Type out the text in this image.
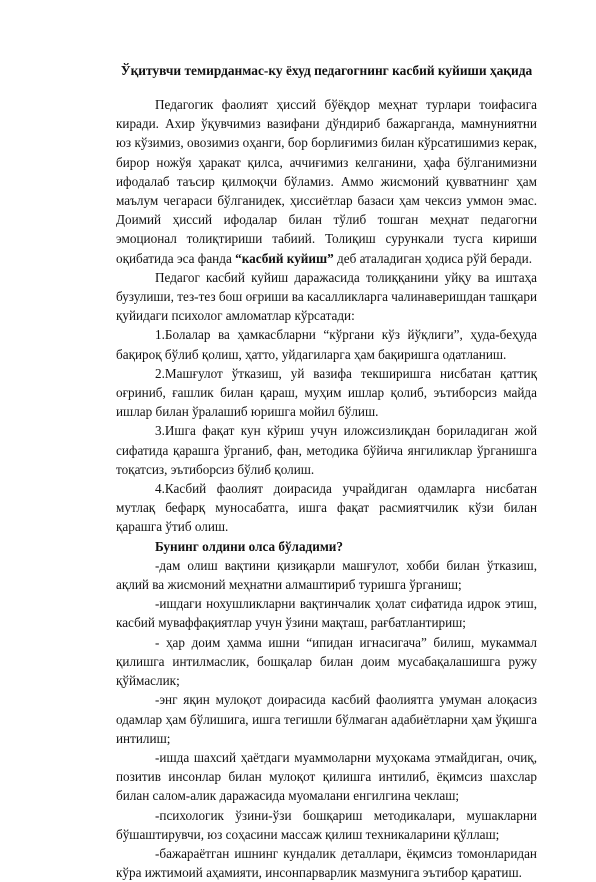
Ўқитувчи темирданмас-ку ёхуд педагогнинг касбий куйиши ҳақида

Педагогик фаолият ҳиссий бўёқдор меҳнат турлари тоифасига киради. Ахир ўқувчимиз вазифани дўндириб бажарганда, мамнуниятни юз кўзимиз, овозимиз оҳанги, бор борлиғимиз билан кўрсатишимиз керак, бирор ножўя ҳаракат қилса, аччиғимиз келганини, ҳафа бўлганимизни ифодалаб таъсир қилмоқчи бўламиз. Аммо жисмоний қувватнинг ҳам маълум чегараси бўлганидек, ҳиссиётлар базаси ҳам чексиз уммон эмас. Доимий ҳиссий ифодалар билан тўлиб тошган меҳнат педагогни эмоционал толиқтириши табиий. Толиқиш сурункали тусга кириши оқибатида эса фанда “касбий куйиш” деб аталадиган ҳодиса рўй беради.

Педагог касбий куйиш даражасида толиққанини уйқу ва иштаҳа бузулиши, тез-тез бош оғриши ва касалликларга чалинаверишдан ташқари қуйидаги психолог амломатлар кўрсатади:

1.Болалар ва ҳамкасбларни “кўргани кўз йўқлиги”, ҳуда-беҳуда бақироқ бўлиб қолиш, ҳатто, уйдагиларга ҳам бақиришга одатланиш.

2.Машғулот ўтказиш, уй вазифа текширишга нисбатан қаттиқ оғриниб, ғашлик билан қараш, муҳим ишлар қолиб, эътиборсиз майда ишлар билан ўралашиб юришга мойил бўлиш.

3.Ишга фақат кун кўриш учун иложсизлиқдан бориладиган жой сифатида қарашга ўрганиб, фан, методика бўйича янгиликлар ўрганишга тоқатсиз, эътиборсиз бўлиб қолиш.

4.Касбий фаолият доирасида учрайдиган одамларга нисбатан мутлақ бефарқ муносабатга, ишга фақат расмиятчилик кўзи билан қарашга ўтиб олиш.

Бунинг олдини олса бўладими?

-дам олиш вақтини қизиқарли машғулот, хобби билан ўтказиш, ақлий ва жисмоний меҳнатни алмаштириб туришга ўрганиш;

-ишдаги нохушликларни вақтинчалик ҳолат сифатида идрок этиш, касбий муваффақиятлар учун ўзини мақташ, рағбатлантириш;

- ҳар доим ҳамма ишни “ипидан игнасигача” билиш, мукаммал қилишга интилмаслик, бошқалар билан доим мусабақалашишга ружу қўймаслик;

-энг яқин мулоқот доирасида касбий фаолиятга умуман алоқасиз одамлар ҳам бўлишига, ишга тегишли бўлмаган адабиётларни ҳам ўқишга интилиш;

-ишда шахсий ҳаётдаги муаммоларни муҳокама этмайдиган, очиқ, позитив инсонлар билан мулоқот қилишга интилиб, ёқимсиз шахслар билан салом-алик даражасида муомалани енгилгина чеклаш;

-психологик ўзини-ўзи бошқариш методикалари, мушакларни бўшаштирувчи, юз соҳасини массаж қилиш техникаларини қўллаш;

-бажараётган ишнинг кундалик деталлари, ёқимсиз томонларидан кўра ижтимоий аҳамияти, инсонпарварлик мазмунига эътибор қаратиш.
